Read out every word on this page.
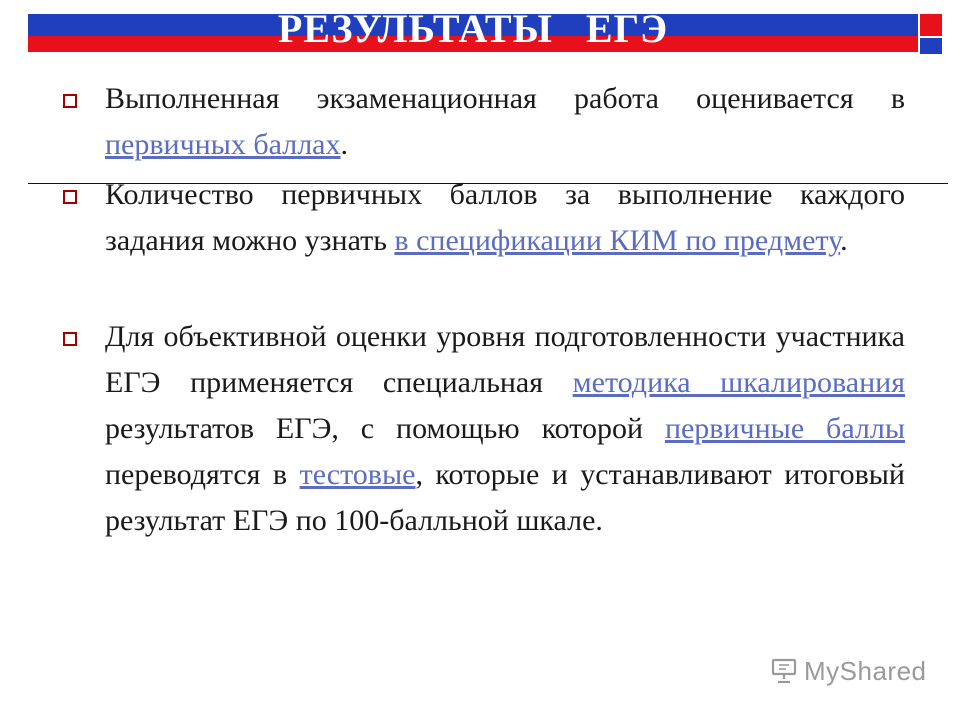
РЕЗУЛЬТАТЫ   ЕГЭ
Выполненная экзаменационная работа оценивается в первичных баллах.
Количество первичных баллов за выполнение каждого задания можно узнать в спецификации КИМ по предмету.
Для объективной оценки уровня подготовленности участника ЕГЭ применяется специальная методика шкалирования результатов ЕГЭ, с помощью которой первичные баллы переводятся в тестовые, которые и устанавливают итоговый результат ЕГЭ по 100-балльной шкале.
MyShared
